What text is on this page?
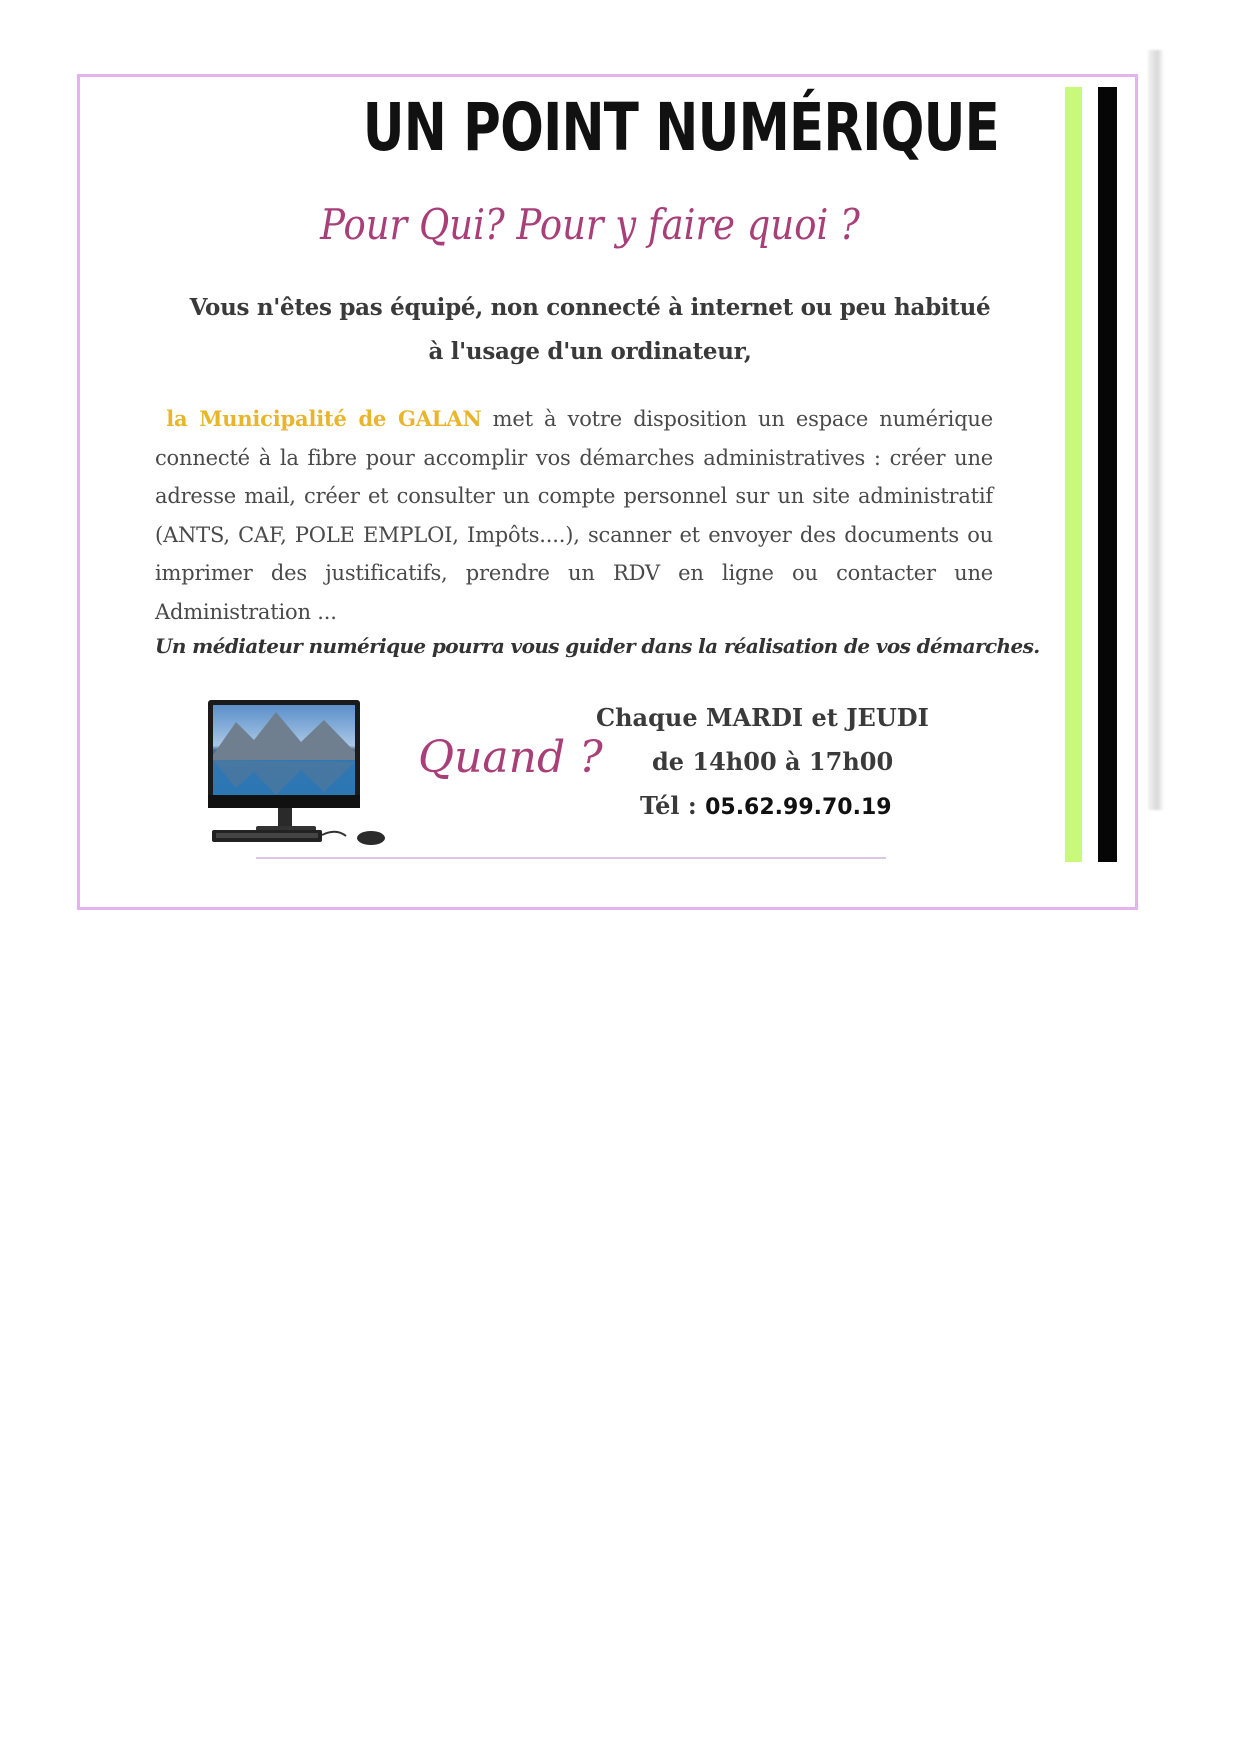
UN POINT NUMÉRIQUE
Pour Qui? Pour y faire quoi ?
Vous n'êtes pas équipé, non connecté à internet ou peu habitué
à l'usage d'un ordinateur,
la Municipalité de GALAN met à votre disposition un espace numérique connecté à la fibre pour accomplir vos démarches administratives : créer une adresse mail, créer et consulter un compte personnel sur un site administratif (ANTS, CAF, POLE EMPLOI, Impôts....), scanner et envoyer des documents ou imprimer des justificatifs, prendre un RDV en ligne ou contacter une Administration ...
Un médiateur numérique pourra vous guider dans la réalisation de vos démarches.
Quand ?
Chaque MARDI et JEUDI
de 14h00 à 17h00
Tél : 05.62.99.70.19
